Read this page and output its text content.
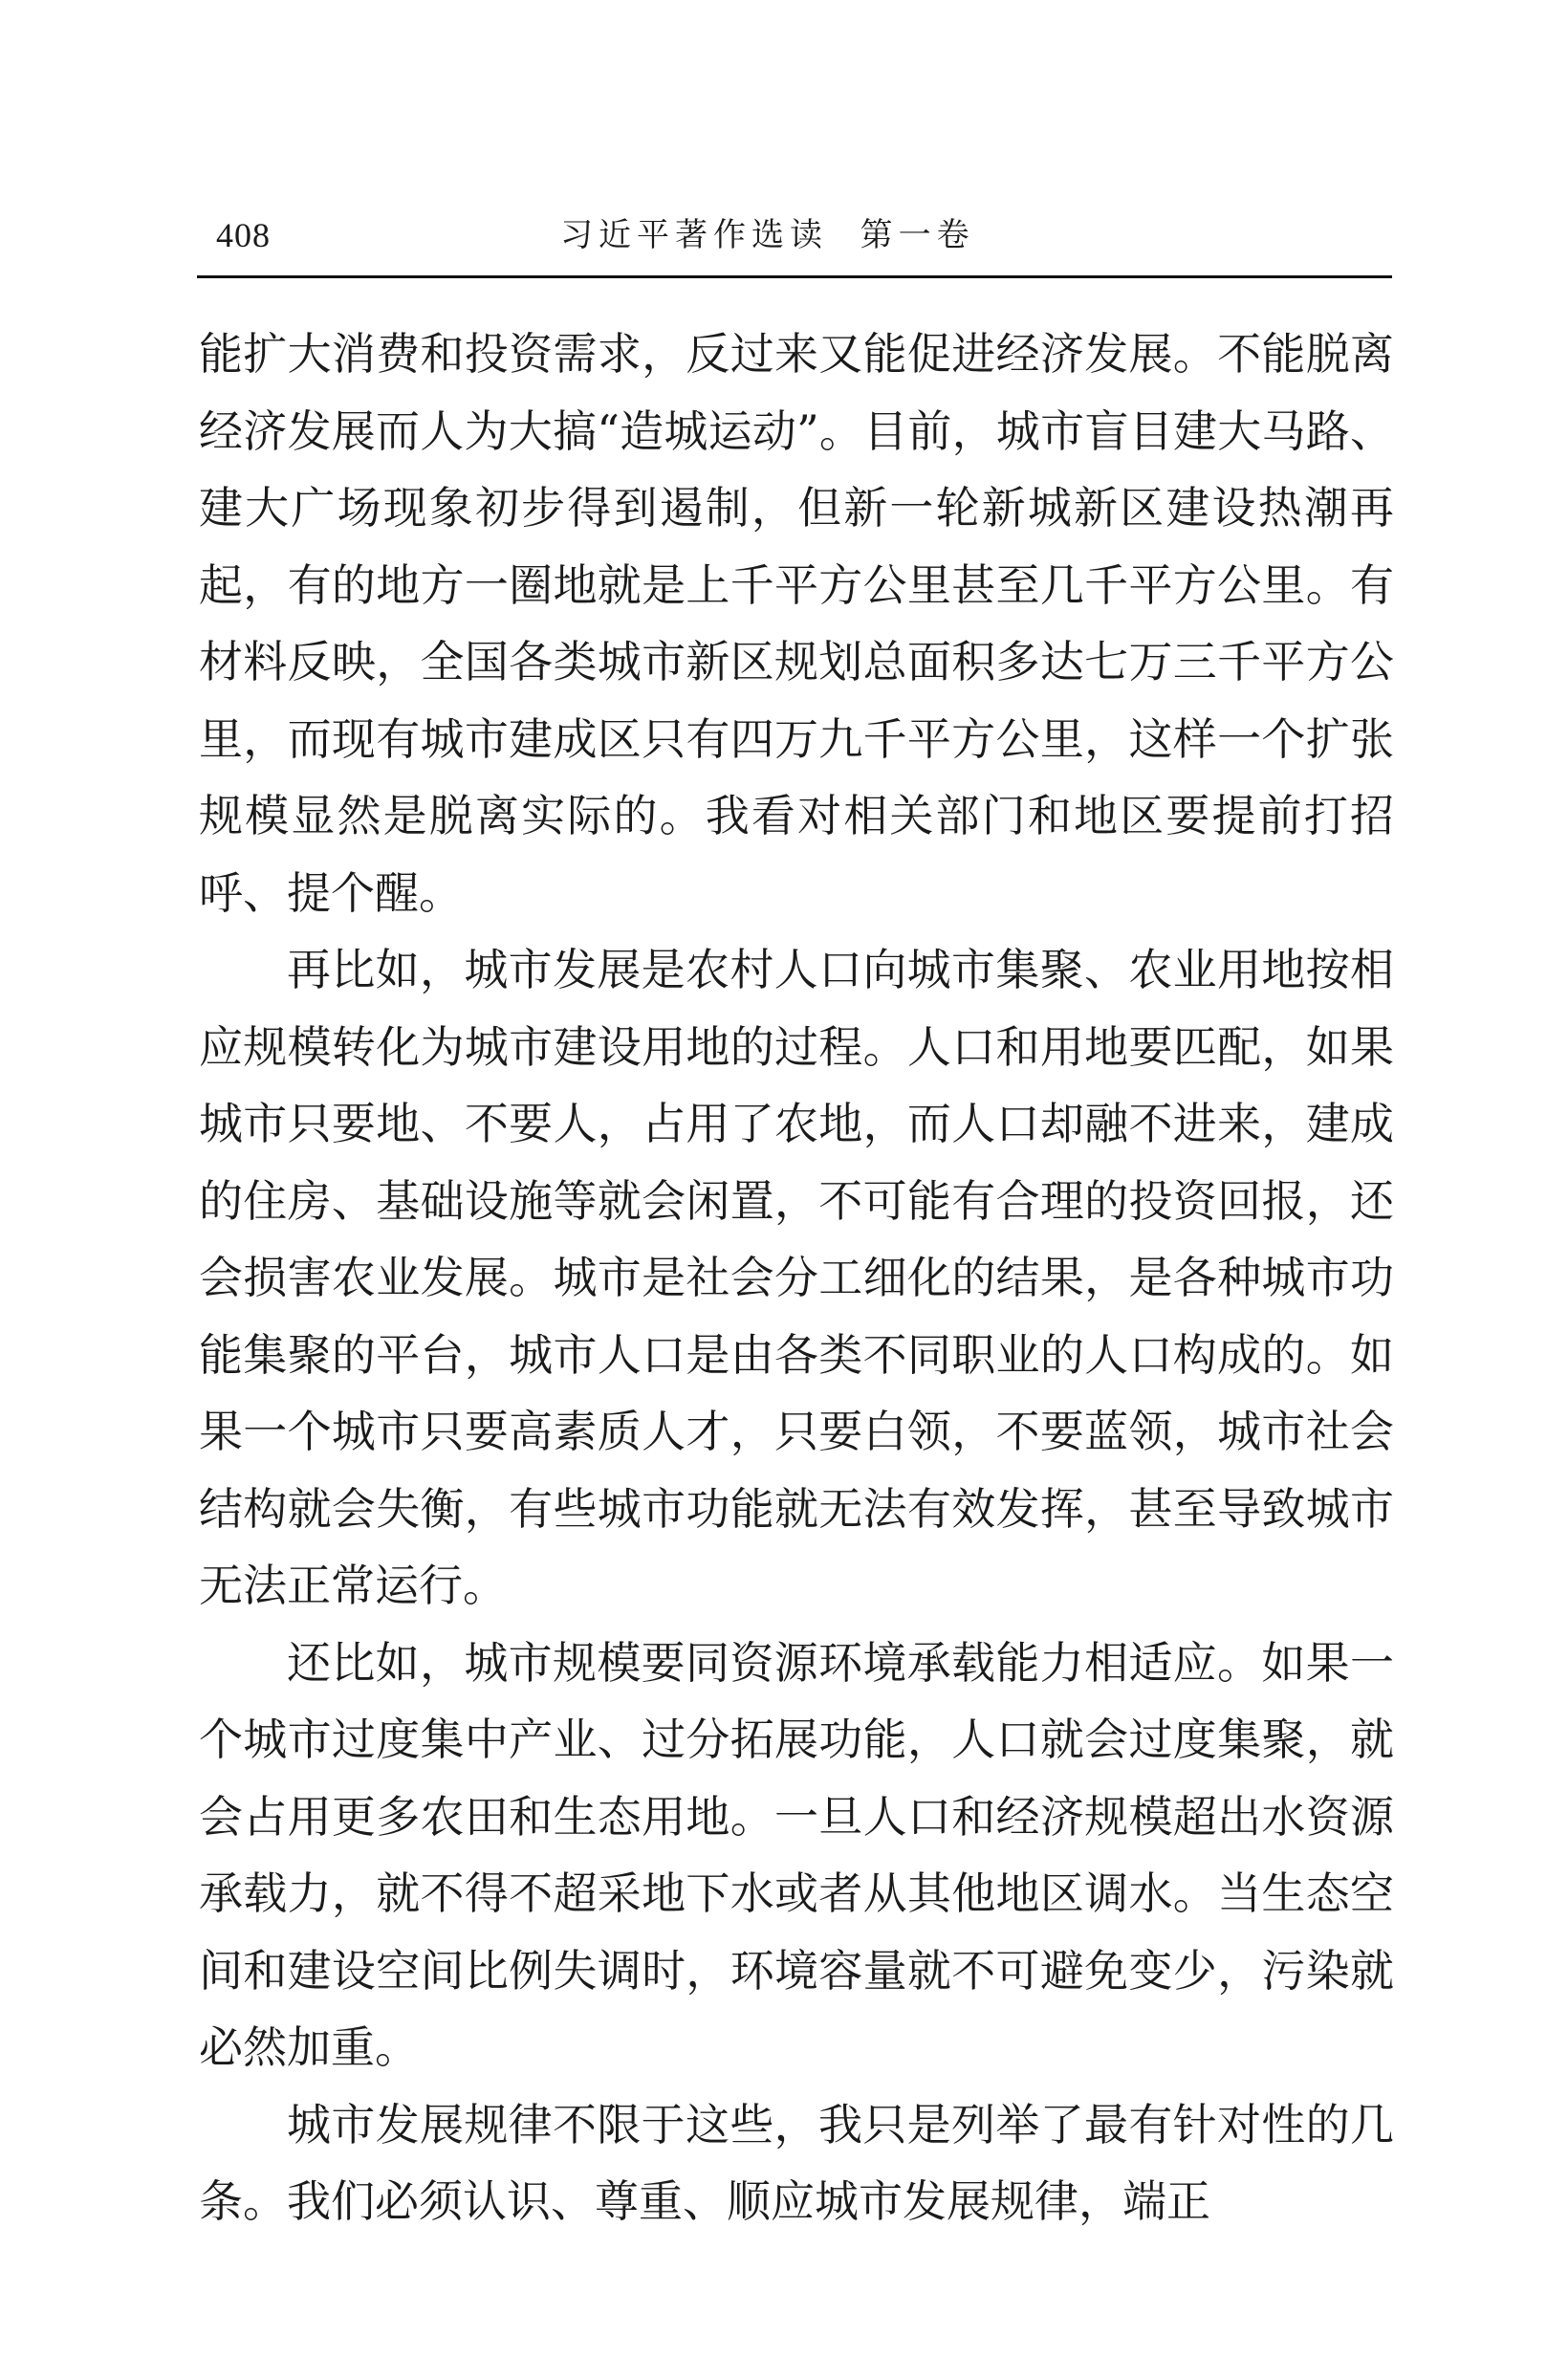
408	习近平著作选读  第一卷

能扩大消费和投资需求，反过来又能促进经济发展。不能脱离经济发展而人为大搞“造城运动”。目前，城市盲目建大马路、建大广场现象初步得到遏制，但新一轮新城新区建设热潮再起，有的地方一圈地就是上千平方公里甚至几千平方公里。有材料反映，全国各类城市新区规划总面积多达七万三千平方公里，而现有城市建成区只有四万九千平方公里，这样一个扩张规模显然是脱离实际的。我看对相关部门和地区要提前打招呼、提个醒。

再比如，城市发展是农村人口向城市集聚、农业用地按相应规模转化为城市建设用地的过程。人口和用地要匹配，如果城市只要地、不要人，占用了农地，而人口却融不进来，建成的住房、基础设施等就会闲置，不可能有合理的投资回报，还会损害农业发展。城市是社会分工细化的结果，是各种城市功能集聚的平台，城市人口是由各类不同职业的人口构成的。如果一个城市只要高素质人才，只要白领，不要蓝领，城市社会结构就会失衡，有些城市功能就无法有效发挥，甚至导致城市无法正常运行。

还比如，城市规模要同资源环境承载能力相适应。如果一个城市过度集中产业、过分拓展功能，人口就会过度集聚，就会占用更多农田和生态用地。一旦人口和经济规模超出水资源承载力，就不得不超采地下水或者从其他地区调水。当生态空间和建设空间比例失调时，环境容量就不可避免变少，污染就必然加重。

城市发展规律不限于这些，我只是列举了最有针对性的几条。我们必须认识、尊重、顺应城市发展规律，端正
